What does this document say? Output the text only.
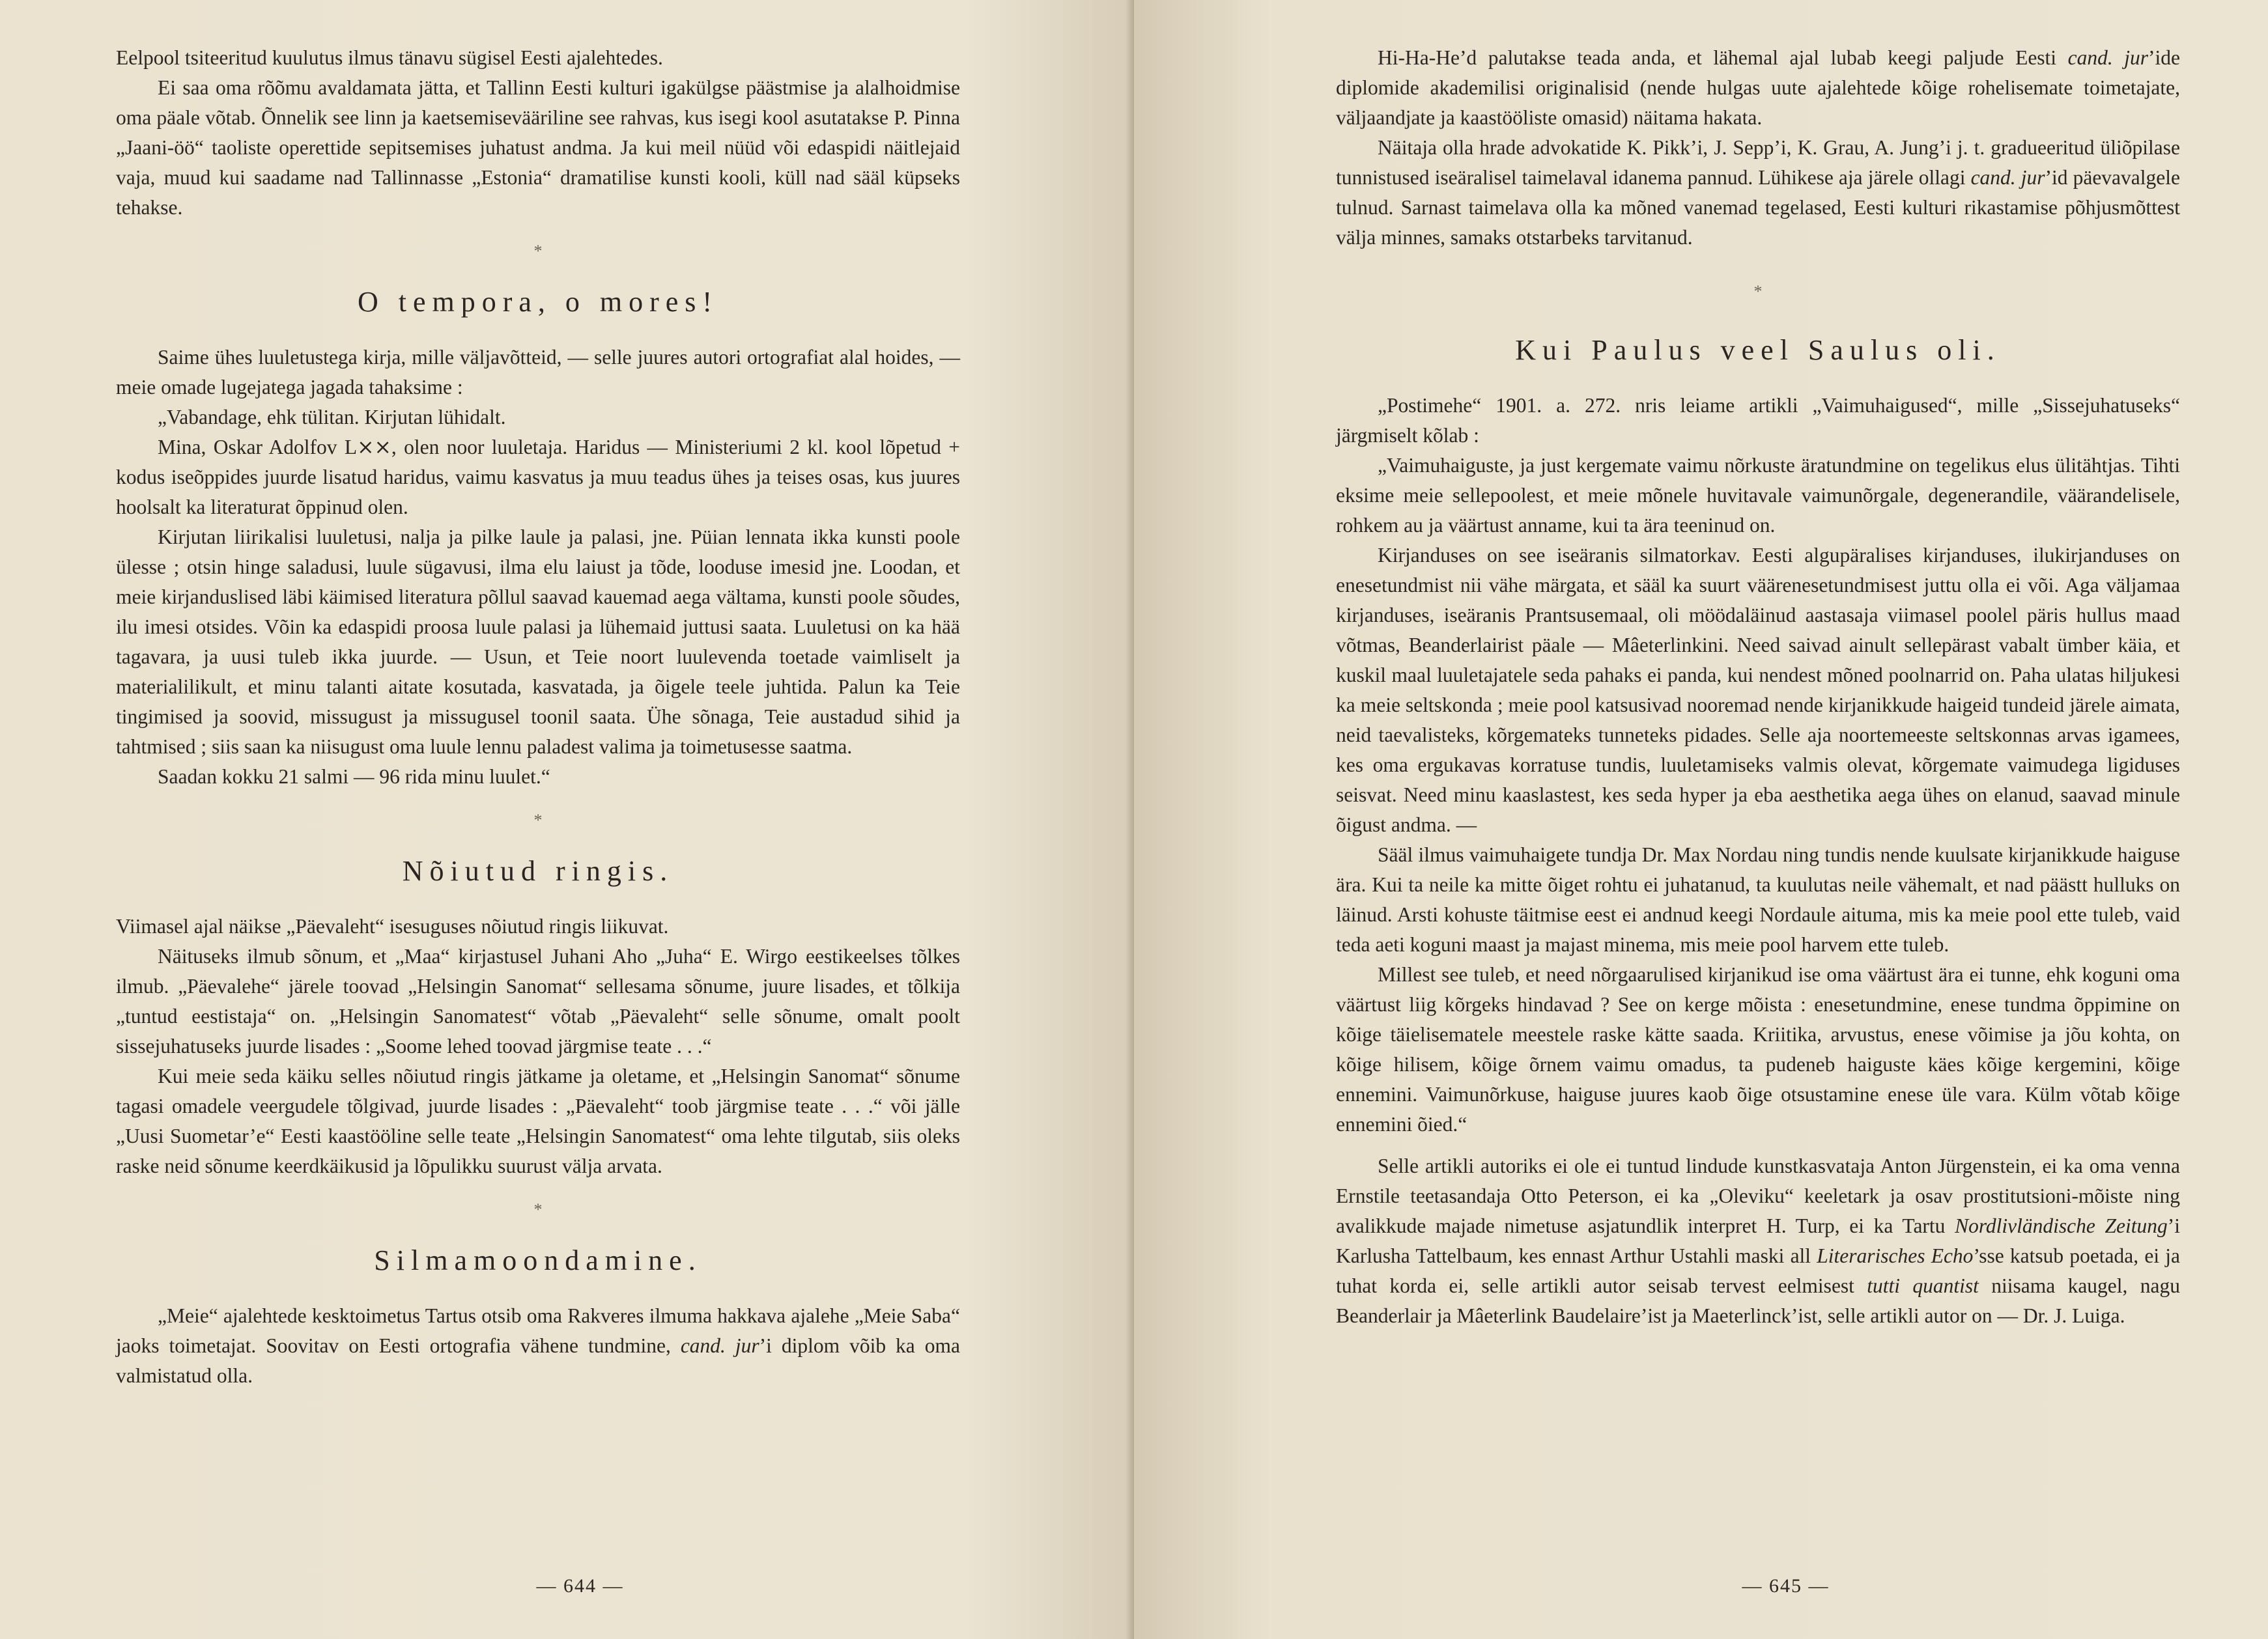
Eelpool tsiteeritud kuulutus ilmus tänavu sügisel Eesti ajalehtedes.

Ei saa oma rõõmu avaldamata jätta, et Tallinn Eesti kulturi igakülgse päästmise ja alalhoidmise oma päale võtab. Õnnelik see linn ja kaetsemisevääriline see rahvas, kus isegi kool asutatakse P. Pinna „Jaani-öö“ taoliste operettide sepitsemises juhatust andma. Ja kui meil nüüd või edaspidi näitlejaid vaja, muud kui saadame nad Tallinnasse „Estonia“ dramatilise kunsti kooli, küll nad sääl küpseks tehakse.

*
O tempora, o mores!

Saime ühes luuletustega kirja, mille väljavõtteid, — selle juures autori ortografiat alal hoides, — meie omade lugejatega jagada tahaksime :

„Vabandage, ehk tülitan. Kirjutan lühidalt.

Mina, Oskar Adolfov L⨯⨯, olen noor luuletaja. Haridus — Ministeriumi 2 kl. kool lõpetud + kodus iseõppides juurde lisatud haridus, vaimu kasvatus ja muu teadus ühes ja teises osas, kus juures hoolsalt ka literaturat õppinud olen.

Kirjutan liirikalisi luuletusi, nalja ja pilke laule ja palasi, jne. Püian lennata ikka kunsti poole ülesse ; otsin hinge saladusi, luule sügavusi, ilma elu laiust ja tõde, looduse imesid jne. Loodan, et meie kirjanduslised läbi käimised literatura põllul saavad kauemad aega vältama, kunsti poole sõudes, ilu imesi otsides. Võin ka edaspidi proosa luule palasi ja lühemaid juttusi saata. Luuletusi on ka hää tagavara, ja uusi tuleb ikka juurde. — Usun, et Teie noort luulevenda toetade vaimliselt ja materialilikult, et minu talanti aitate kosutada, kasvatada, ja õigele teele juhtida. Palun ka Teie tingimised ja soovid, missugust ja missugusel toonil saata. Ühe sõnaga, Teie austadud sihid ja tahtmised ; siis saan ka niisugust oma luule lennu paladest valima ja toimetusesse saatma.

Saadan kokku 21 salmi — 96 rida minu luulet.“

*
Nõiutud ringis.

Viimasel ajal näikse „Päevaleht“ isesuguses nõiutud ringis liikuvat.

Näituseks ilmub sõnum, et „Maa“ kirjastusel Juhani Aho „Juha“ E. Wirgo eestikeelses tõlkes ilmub. „Päevalehe“ järele toovad „Helsingin Sanomat“ sellesama sõnume, juure lisades, et tõlkija „tuntud eestistaja“ on. „Helsingin Sanomatest“ võtab „Päevaleht“ selle sõnume, omalt poolt sissejuhatuseks juurde lisades : „Soome lehed toovad järgmise teate . . .“

Kui meie seda käiku selles nõiutud ringis jätkame ja oletame, et „Helsingin Sanomat“ sõnume tagasi omadele veergudele tõlgivad, juurde lisades : „Päevaleht“ toob järgmise teate . . .“ või jälle „Uusi Suometar’e“ Eesti kaastööline selle teate „Helsingin Sanomatest“ oma lehte tilgutab, siis oleks raske neid sõnume keerdkäikusid ja lõpulikku suurust välja arvata.

*
Silmamoondamine.

„Meie“ ajalehtede kesktoimetus Tartus otsib oma Rakveres ilmuma hakkava ajalehe „Meie Saba“ jaoks toimetajat. Soovitav on Eesti ortografia vähene tundmine, cand. jur’i diplom võib ka oma valmistatud olla.

— 644 —

Hi-Ha-He’d palutakse teada anda, et lähemal ajal lubab keegi paljude Eesti cand. jur’ide diplomide akademilisi originalisid (nende hulgas uute ajalehtede kõige rohelisemate toimetajate, väljaandjate ja kaastööliste omasid) näitama hakata.

Näitaja olla hrade advokatide K. Pikk’i, J. Sepp’i, K. Grau, A. Jung’i j. t. gradueeritud üliõpilase tunnistused iseäralisel taimelaval idanema pannud. Lühikese aja järele ollagi cand. jur’id päevavalgele tulnud. Sarnast taimelava olla ka mõned vanemad tegelased, Eesti kulturi rikastamise põhjusmõttest välja minnes, samaks otstarbeks tarvitanud.

*
Kui Paulus veel Saulus oli.

„Postimehe“ 1901. a. 272. nris leiame artikli „Vaimuhaigused“, mille „Sissejuhatuseks“ järgmiselt kõlab :

„Vaimuhaiguste, ja just kergemate vaimu nõrkuste äratundmine on tegelikus elus ülitähtjas. Tihti eksime meie sellepoolest, et meie mõnele huvitavale vaimunõrgale, degenerandile, väärandelisele, rohkem au ja väärtust anname, kui ta ära teeninud on.

Kirjanduses on see iseäranis silmatorkav. Eesti algupäralises kirjanduses, ilukirjanduses on enesetundmist nii vähe märgata, et sääl ka suurt väärenesetundmisest juttu olla ei või. Aga väljamaa kirjanduses, iseäranis Prantsusemaal, oli möödaläinud aastasaja viimasel poolel päris hullus maad võtmas, Beanderlairist päale — Mâeterlinkini. Need saivad ainult sellepärast vabalt ümber käia, et kuskil maal luuletajatele seda pahaks ei panda, kui nendest mõned poolnarrid on. Paha ulatas hiljukesi ka meie seltskonda ; meie pool katsusivad nooremad nende kirjanikkude haigeid tundeid järele aimata, neid taevalisteks, kõrgemateks tunneteks pidades. Selle aja noortemeeste seltskonnas arvas igamees, kes oma ergukavas korratuse tundis, luuletamiseks valmis olevat, kõrgemate vaimudega ligiduses seisvat. Need minu kaaslastest, kes seda hyper ja eba aesthetika aega ühes on elanud, saavad minule õigust andma. —

Sääl ilmus vaimuhaigete tundja Dr. Max Nordau ning tundis nende kuulsate kirjanikkude haiguse ära. Kui ta neile ka mitte õiget rohtu ei juhatanud, ta kuulutas neile vähemalt, et nad päästt hulluks on läinud. Arsti kohuste täitmise eest ei andnud keegi Nordaule aituma, mis ka meie pool ette tuleb, vaid teda aeti koguni maast ja majast minema, mis meie pool harvem ette tuleb.

Millest see tuleb, et need nõrgaarulised kirjanikud ise oma väärtust ära ei tunne, ehk koguni oma väärtust liig kõrgeks hindavad ? See on kerge mõista : enesetundmine, enese tundma õppimine on kõige täielisematele meestele raske kätte saada. Kriitika, arvustus, enese võimise ja jõu kohta, on kõige hilisem, kõige õrnem vaimu omadus, ta pudeneb haiguste käes kõige kergemini, kõige ennemini. Vaimunõrkuse, haiguse juures kaob õige otsustamine enese üle vara. Külm võtab kõige ennemini õied.“

Selle artikli autoriks ei ole ei tuntud lindude kunstkasvataja Anton Jürgenstein, ei ka oma venna Ernstile teetasandaja Otto Peterson, ei ka „Oleviku“ keeletark ja osav prostitutsioni-mõiste ning avalikkude majade nimetuse asjatundlik interpret H. Turp, ei ka Tartu Nordlivländische Zeitung’i Karlusha Tattelbaum, kes ennast Arthur Ustahli maski all Literarisches Echo’sse katsub poetada, ei ja tuhat korda ei, selle artikli autor seisab tervest eelmisest tutti quantist niisama kaugel, nagu Beanderlair ja Mâeterlink Baudelaire’ist ja Maeterlinck’ist, selle artikli autor on — Dr. J. Luiga.

— 645 —
